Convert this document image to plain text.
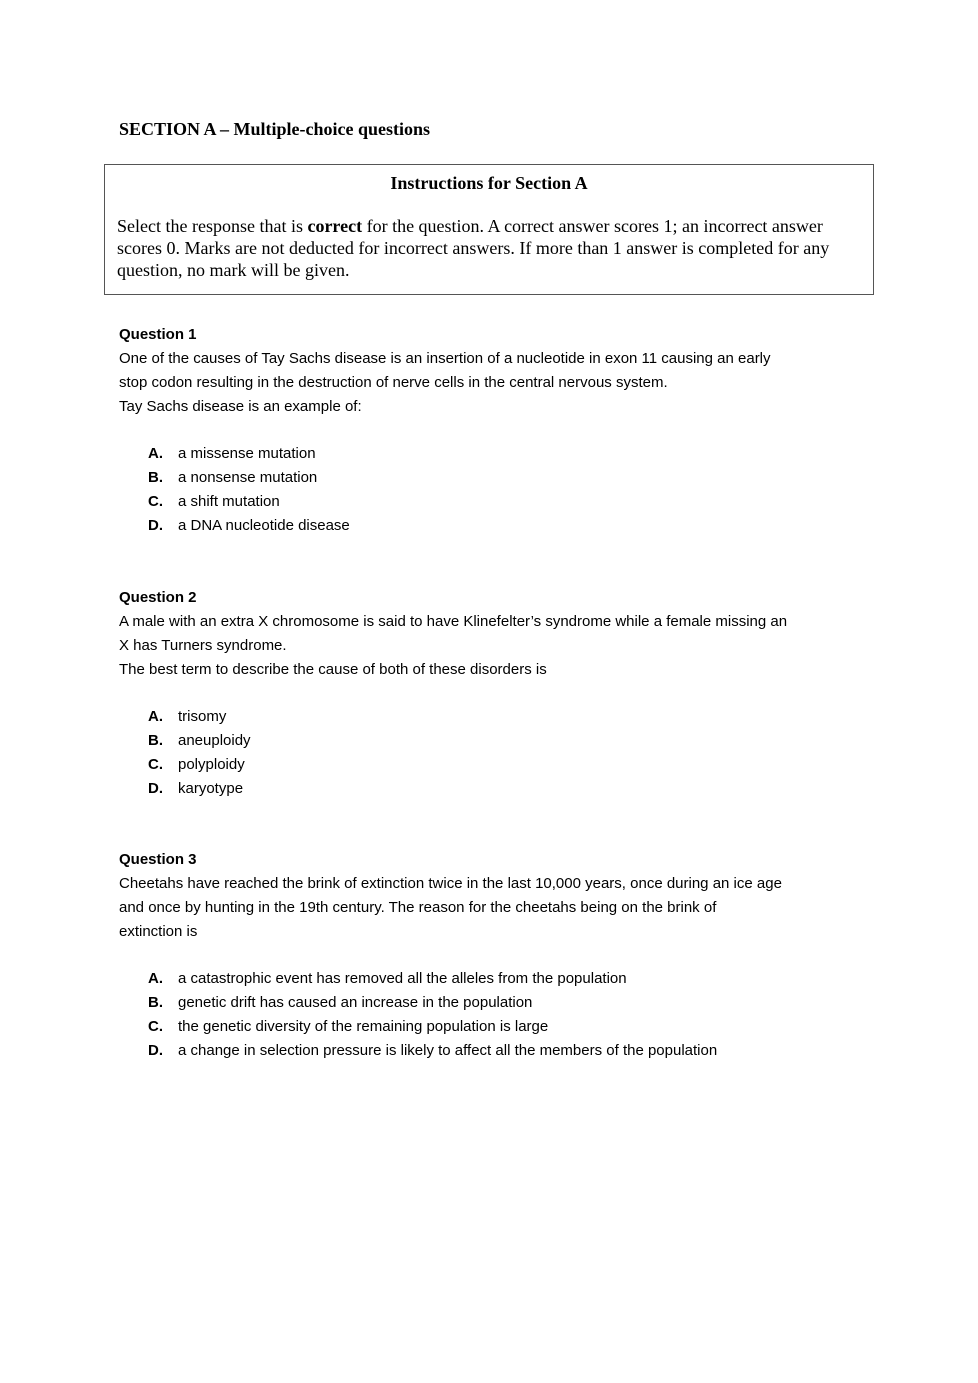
SECTION A – Multiple-choice questions
Instructions for Section A
Select the response that is correct for the question. A correct answer scores 1; an incorrect answer scores 0. Marks are not deducted for incorrect answers. If more than 1 answer is completed for any question, no mark will be given.
Question 1
One of the causes of Tay Sachs disease is an insertion of a nucleotide in exon 11 causing an early
stop codon resulting in the destruction of nerve cells in the central nervous system.
Tay Sachs disease is an example of:
A. a missense mutation
B. a nonsense mutation
C. a shift mutation
D. a DNA nucleotide disease
Question 2
A male with an extra X chromosome is said to have Klinefelter’s syndrome while a female missing an
X has Turners syndrome.
The best term to describe the cause of both of these disorders is
A. trisomy
B. aneuploidy
C. polyploidy
D. karyotype
Question 3
Cheetahs have reached the brink of extinction twice in the last 10,000 years, once during an ice age
and once by hunting in the 19th century. The reason for the cheetahs being on the brink of
extinction is
A. a catastrophic event has removed all the alleles from the population
B. genetic drift has caused an increase in the population
C. the genetic diversity of the remaining population is large
D. a change in selection pressure is likely to affect all the members of the population
